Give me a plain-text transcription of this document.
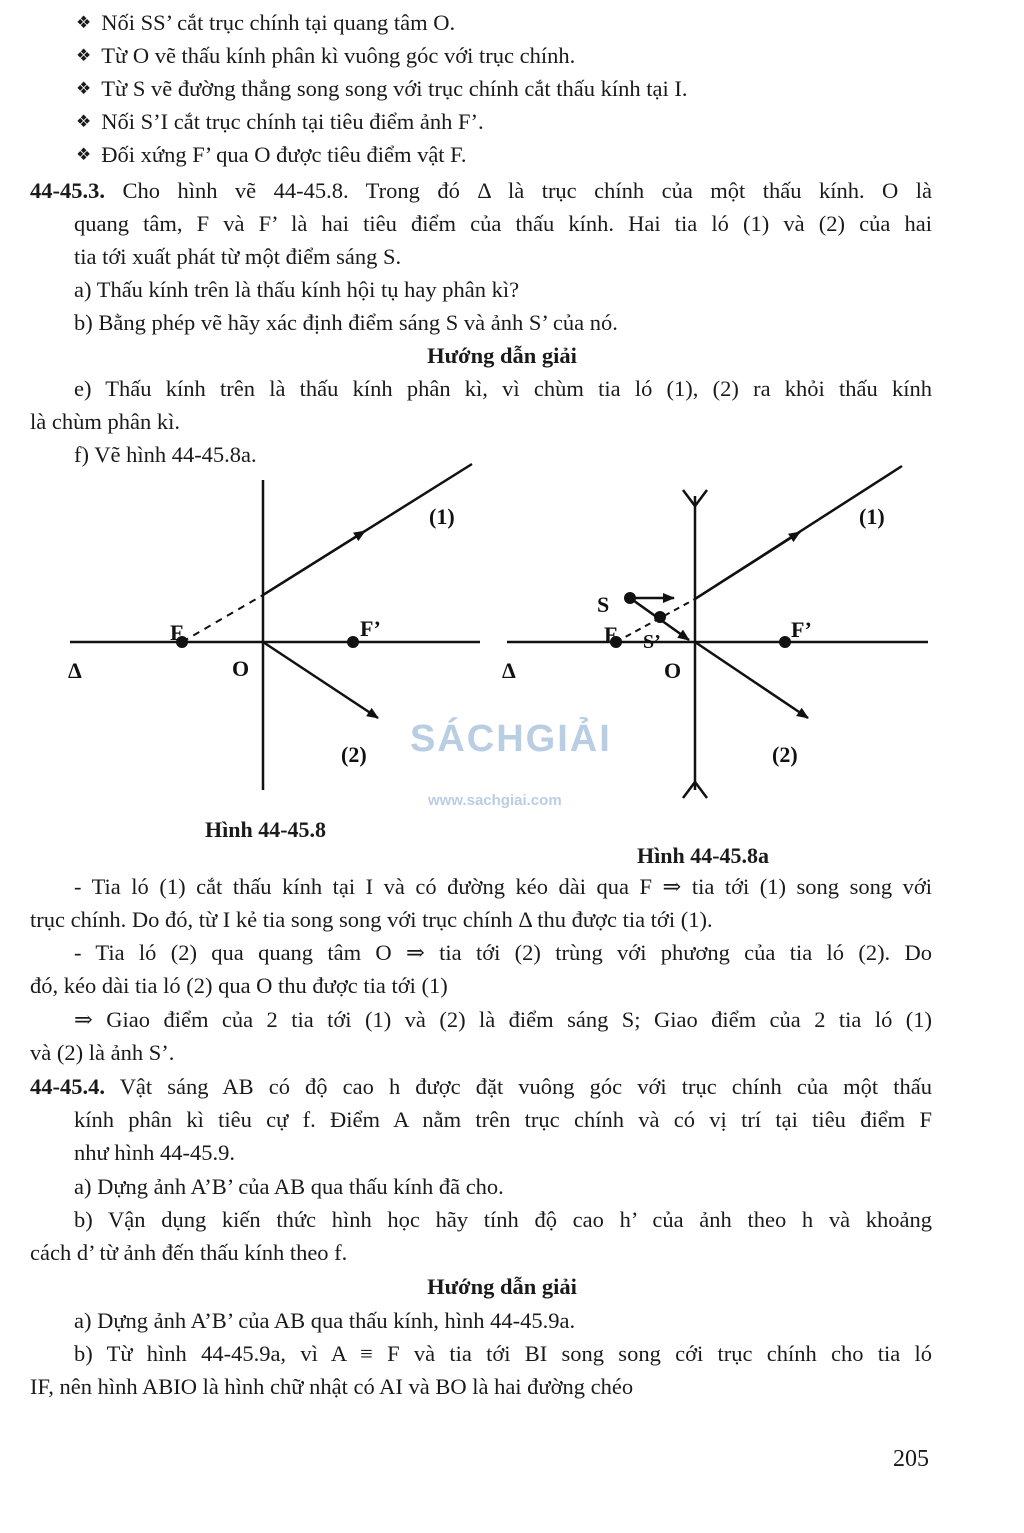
❖ Nối SS’ cắt trục chính tại quang tâm O.
❖ Từ O vẽ thấu kính phân kì vuông góc với trục chính.
❖ Từ S vẽ đường thẳng song song với trục chính cắt thấu kính tại I.
❖ Nối S’I cắt trục chính tại tiêu điểm ảnh F’.
❖ Đối xứng F’ qua O được tiêu điểm vật F.
44-45.3. Cho hình vẽ 44-45.8. Trong đó Δ là trục chính của một thấu kính. O là
quang tâm, F và F’ là hai tiêu điểm của thấu kính. Hai tia ló (1) và (2) của hai
tia tới xuất phát từ một điểm sáng S.
a) Thấu kính trên là thấu kính hội tụ hay phân kì?
b) Bằng phép vẽ hãy xác định điểm sáng S và ảnh S’ của nó.
Hướng dẫn giải
e) Thấu kính trên là thấu kính phân kì, vì chùm tia ló (1), (2) ra khỏi thấu kính
là chùm phân kì.
f) Vẽ hình 44-45.8a.
Δ	O
F	F’
(1)
(2)
Δ	O
F	F’
S
S’
(1)
(2)
SÁCHGIẢI
www.sachgiai.com
Hình 44-45.8
Hình 44-45.8a
- Tia ló (1) cắt thấu kính tại I và có đường kéo dài qua F ⇒ tia tới (1) song song với
trục chính. Do đó, từ I kẻ tia song song với trục chính Δ thu được tia tới (1).
- Tia ló (2) qua quang tâm O ⇒ tia tới (2) trùng với phương của tia ló (2). Do
đó, kéo dài tia ló (2) qua O thu được tia tới (1)
⇒ Giao điểm của 2 tia tới (1) và (2) là điểm sáng S; Giao điểm của 2 tia ló (1)
và (2) là ảnh S’.
44-45.4. Vật sáng AB có độ cao h được đặt vuông góc với trục chính của một thấu
kính phân kì tiêu cự f. Điểm A nằm trên trục chính và có vị trí tại tiêu điểm F
như hình 44-45.9.
a) Dựng ảnh A’B’ của AB qua thấu kính đã cho.
b) Vận dụng kiến thức hình học hãy tính độ cao h’ của ảnh theo h và khoảng
cách d’ từ ảnh đến thấu kính theo f.
Hướng dẫn giải
a) Dựng ảnh A’B’ của AB qua thấu kính, hình 44-45.9a.
b) Từ hình 44-45.9a, vì A ≡ F và tia tới BI song song cới trục chính cho tia ló
IF, nên hình ABIO là hình chữ nhật có AI và BO là hai đường chéo
205
